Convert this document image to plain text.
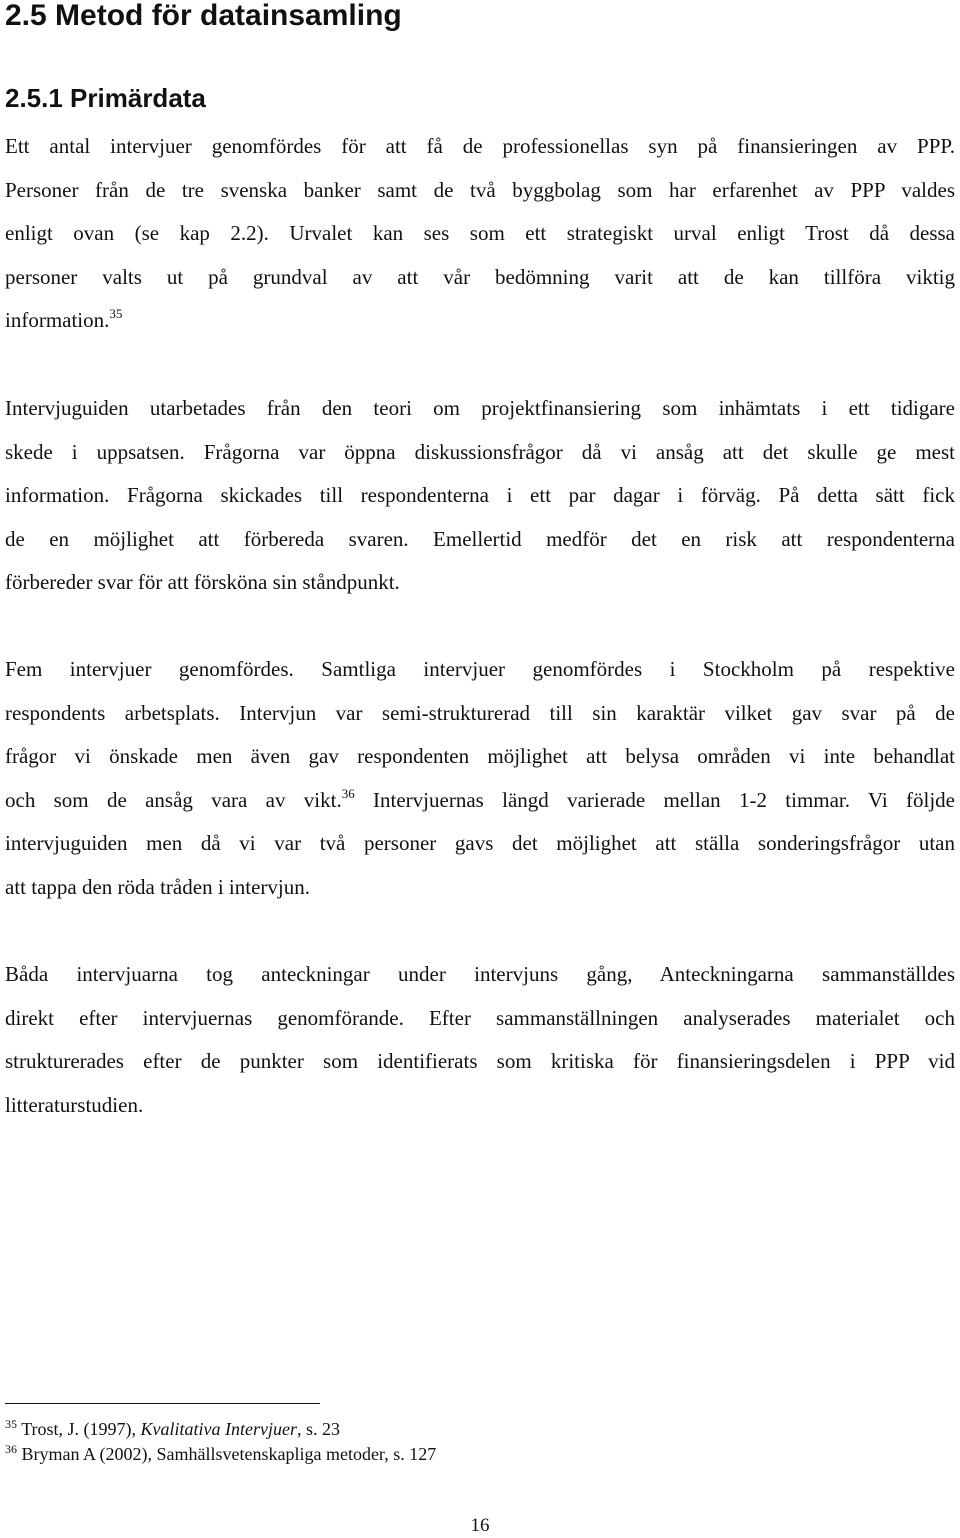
2.5 Metod för datainsamling
2.5.1 Primärdata
Ett antal intervjuer genomfördes för att få de professionellas syn på finansieringen av PPP.
Personer från de tre svenska banker samt de två byggbolag som har erfarenhet av PPP valdes
enligt ovan (se kap 2.2). Urvalet kan ses som ett strategiskt urval enligt Trost då dessa
personer valts ut på grundval av att vår bedömning varit att de kan tillföra viktig
information.$^{35}$
Intervjuguiden utarbetades från den teori om projektfinansiering som inhämtats i ett tidigare
skede i uppsatsen. Frågorna var öppna diskussionsfrågor då vi ansåg att det skulle ge mest
information. Frågorna skickades till respondenterna i ett par dagar i förväg. På detta sätt fick
de en möjlighet att förbereda svaren. Emellertid medför det en risk att respondenterna
förbereder svar för att försköna sin ståndpunkt.
Fem intervjuer genomfördes. Samtliga intervjuer genomfördes i Stockholm på respektive
respondents arbetsplats. Intervjun var semi-strukturerad till sin karaktär vilket gav svar på de
frågor vi önskade men även gav respondenten möjlighet att belysa områden vi inte behandlat
och som de ansåg vara av vikt.$^{36}$ Intervjuernas längd varierade mellan 1-2 timmar. Vi följde
intervjuguiden men då vi var två personer gavs det möjlighet att ställa sonderingsfrågor utan
att tappa den röda tråden i intervjun.
Båda intervjuarna tog anteckningar under intervjuns gång, Anteckningarna sammanställdes
direkt efter intervjuernas genomförande. Efter sammanställningen analyserades materialet och
strukturerades efter de punkter som identifierats som kritiska för finansieringsdelen i PPP vid
litteraturstudien.
$^{35}$ Trost, J. (1997), Kvalitativa Intervjuer, s. 23
$^{36}$ Bryman A (2002), Samhällsvetenskapliga metoder, s. 127
16
